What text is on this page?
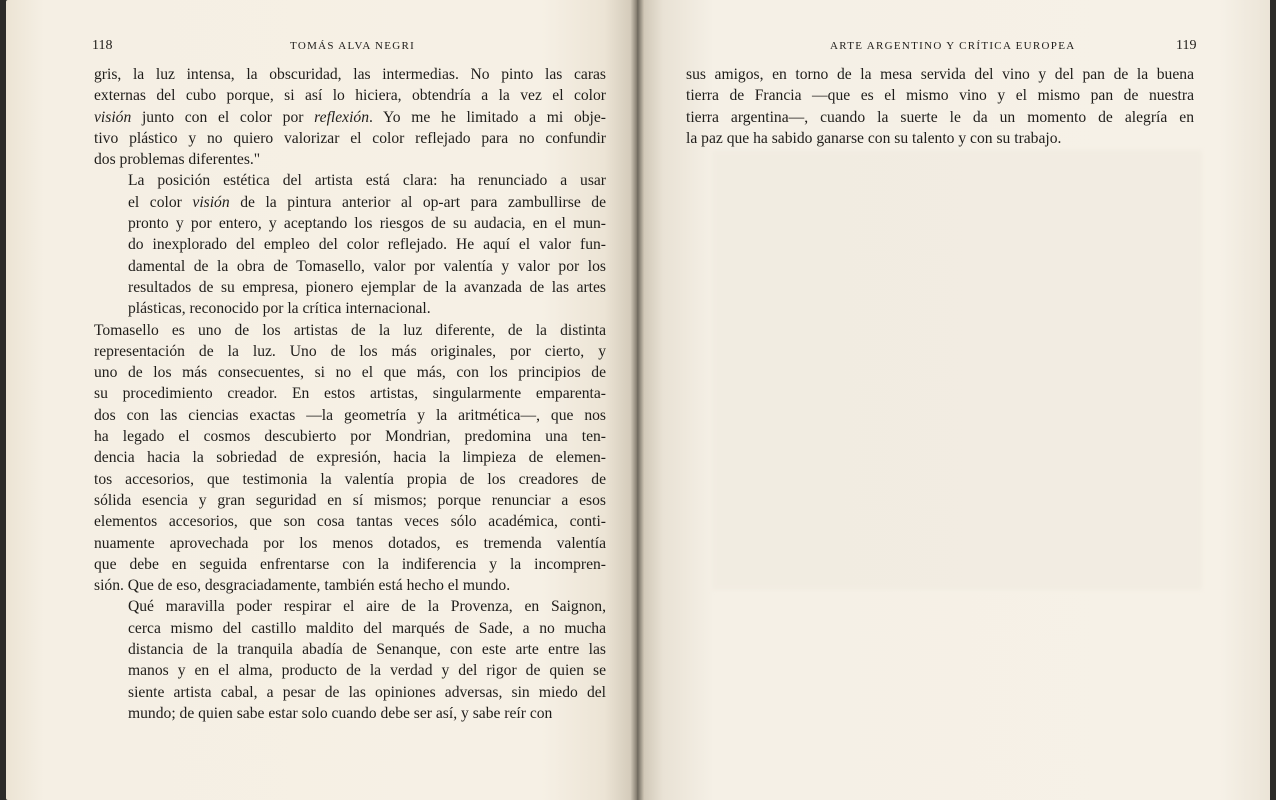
118	TOMÁS ALVA NEGRI	ARTE ARGENTINO Y CRÍTICA EUROPEA	119

gris, la luz intensa, la obscuridad, las intermedias. No pinto las caras
externas del cubo porque, si así lo hiciera, obtendría a la vez el color
visión junto con el color por reflexión. Yo me he limitado a mi obje-
tivo plástico y no quiero valorizar el color reflejado para no confundir
dos problemas diferentes."

La posición estética del artista está clara: ha renunciado a usar
el color visión de la pintura anterior al op-art para zambullirse de
pronto y por entero, y aceptando los riesgos de su audacia, en el mun-
do inexplorado del empleo del color reflejado. He aquí el valor fun-
damental de la obra de Tomasello, valor por valentía y valor por los
resultados de su empresa, pionero ejemplar de la avanzada de las artes
plásticas, reconocido por la crítica internacional.

Tomasello es uno de los artistas de la luz diferente, de la distinta
representación de la luz. Uno de los más originales, por cierto, y
uno de los más consecuentes, si no el que más, con los principios de
su procedimiento creador. En estos artistas, singularmente emparenta-
dos con las ciencias exactas —la geometría y la aritmética—, que nos
ha legado el cosmos descubierto por Mondrian, predomina una ten-
dencia hacia la sobriedad de expresión, hacia la limpieza de elemen-
tos accesorios, que testimonia la valentía propia de los creadores de
sólida esencia y gran seguridad en sí mismos; porque renunciar a esos
elementos accesorios, que son cosa tantas veces sólo académica, conti-
nuamente aprovechada por los menos dotados, es tremenda valentía
que debe en seguida enfrentarse con la indiferencia y la incompren-
sión. Que de eso, desgraciadamente, también está hecho el mundo.

Qué maravilla poder respirar el aire de la Provenza, en Saignon,
cerca mismo del castillo maldito del marqués de Sade, a no mucha
distancia de la tranquila abadía de Senanque, con este arte entre las
manos y en el alma, producto de la verdad y del rigor de quien se
siente artista cabal, a pesar de las opiniones adversas, sin miedo del
mundo; de quien sabe estar solo cuando debe ser así, y sabe reír con

sus amigos, en torno de la mesa servida del vino y del pan de la buena
tierra de Francia —que es el mismo vino y el mismo pan de nuestra
tierra argentina—, cuando la suerte le da un momento de alegría en
la paz que ha sabido ganarse con su talento y con su trabajo.
